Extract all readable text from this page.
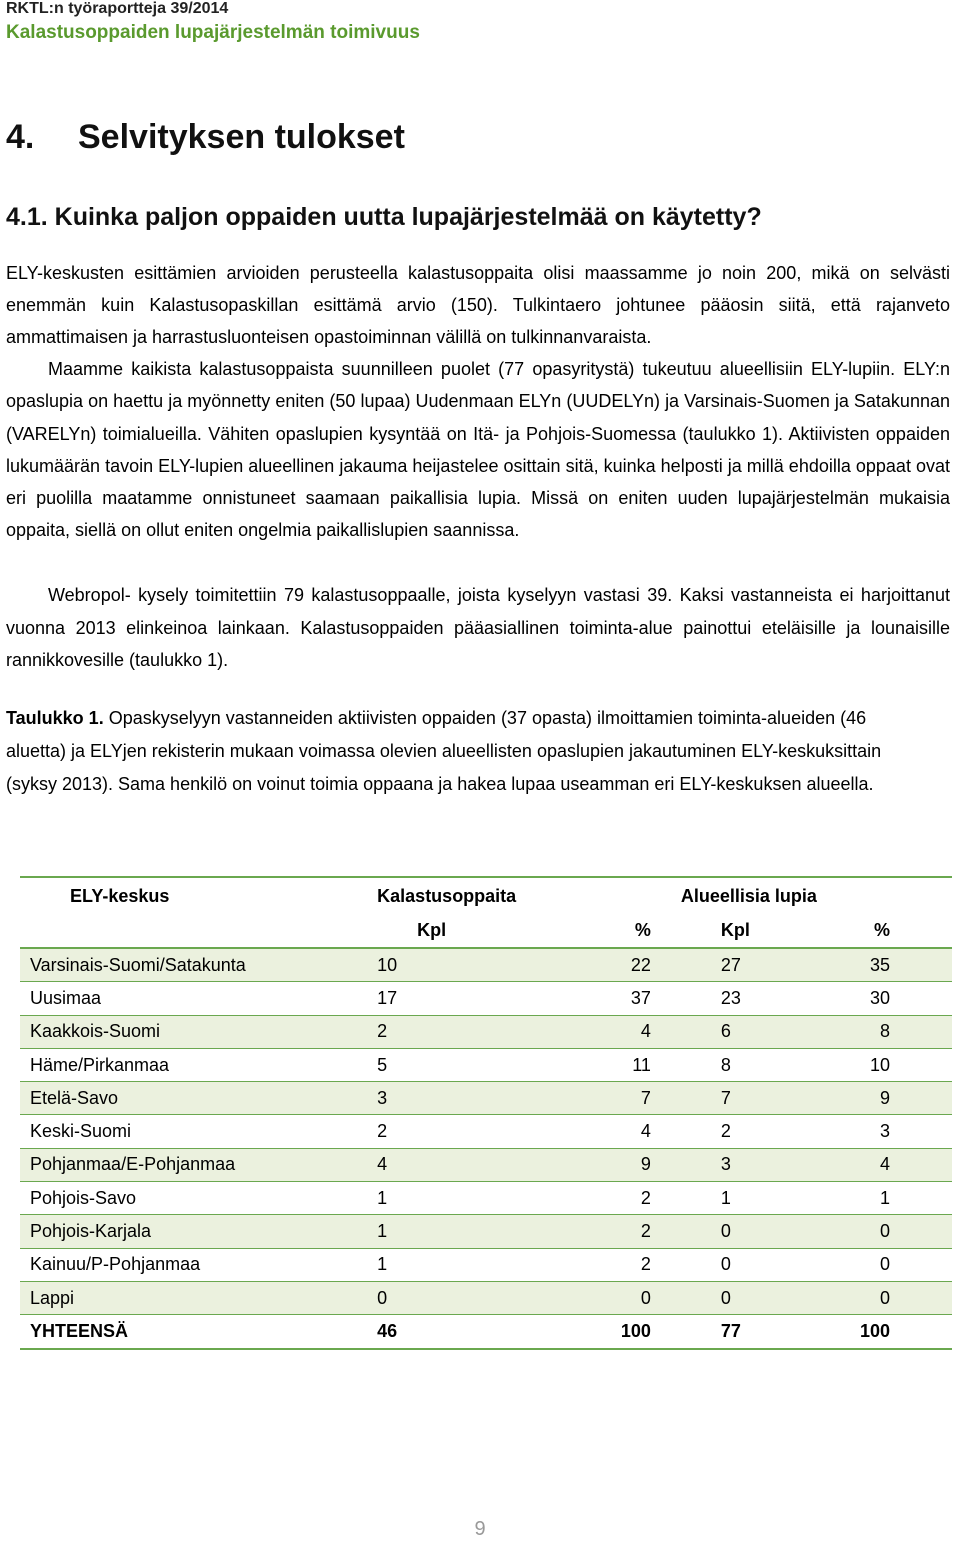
RKTL:n työraportteja 39/2014
Kalastusoppaiden lupajärjestelmän toimivuus
4. Selvityksen tulokset
4.1. Kuinka paljon oppaiden uutta lupajärjestelmää on käytetty?

ELY-keskusten esittämien arvioiden perusteella kalastusoppaita olisi maassamme jo noin 200, mikä on selvästi enemmän kuin Kalastusopaskillan esittämä arvio (150). Tulkintaero johtunee pääosin siitä, että rajanveto ammattimaisen ja harrastusluonteisen opastoiminnan välillä on tulkinnanvaraista.

Maamme kaikista kalastusoppaista suunnilleen puolet (77 opasyritystä) tukeutuu alueellisiin ELY-lupiin. ELY:n opaslupia on haettu ja myönnetty eniten (50 lupaa) Uudenmaan ELYn (UUDELYn) ja Varsinais-Suomen ja Satakunnan (VARELYn) toimialueilla. Vähiten opaslupien kysyntää on Itä- ja Pohjois-Suomessa (taulukko 1). Aktiivisten oppaiden lukumäärän tavoin ELY-lupien alueellinen jakauma heijastelee osittain sitä, kuinka helposti ja millä ehdoilla oppaat ovat eri puolilla maatamme onnistuneet saamaan paikallisia lupia. Missä on eniten uuden lupajärjestelmän mukaisia oppaita, siellä on ollut eniten ongelmia paikallislupien saannissa.

Webropol- kysely toimitettiin 79 kalastusoppaalle, joista kyselyyn vastasi 39. Kaksi vastanneista ei harjoittanut vuonna 2013 elinkeinoa lainkaan. Kalastusoppaiden pääasiallinen toiminta-alue painottui eteläisille ja lounaisille rannikkovesille (taulukko 1).

Taulukko 1. Opaskyselyyn vastanneiden aktiivisten oppaiden (37 opasta) ilmoittamien toiminta-alueiden (46 aluetta) ja ELYjen rekisterin mukaan voimassa olevien alueellisten opaslupien jakautuminen ELY-keskuksittain (syksy 2013). Sama henkilö on voinut toimia oppaana ja hakea lupaa useamman eri ELY-keskuksen alueella.
ELY-keskus	Kalastusoppaita		Alueellisia lupia	
	Kpl	%	Kpl	%
Varsinais-Suomi/Satakunta	10	22	27	35
Uusimaa	17	37	23	30
Kaakkois-Suomi	2	4	6	8
Häme/Pirkanmaa	5	11	8	10
Etelä-Savo	3	7	7	9
Keski-Suomi	2	4	2	3
Pohjanmaa/E-Pohjanmaa	4	9	3	4
Pohjois-Savo	1	2	1	1
Pohjois-Karjala	1	2	0	0
Kainuu/P-Pohjanmaa	1	2	0	0
Lappi	0	0	0	0
YHTEENSÄ	46	100	77	100
9
